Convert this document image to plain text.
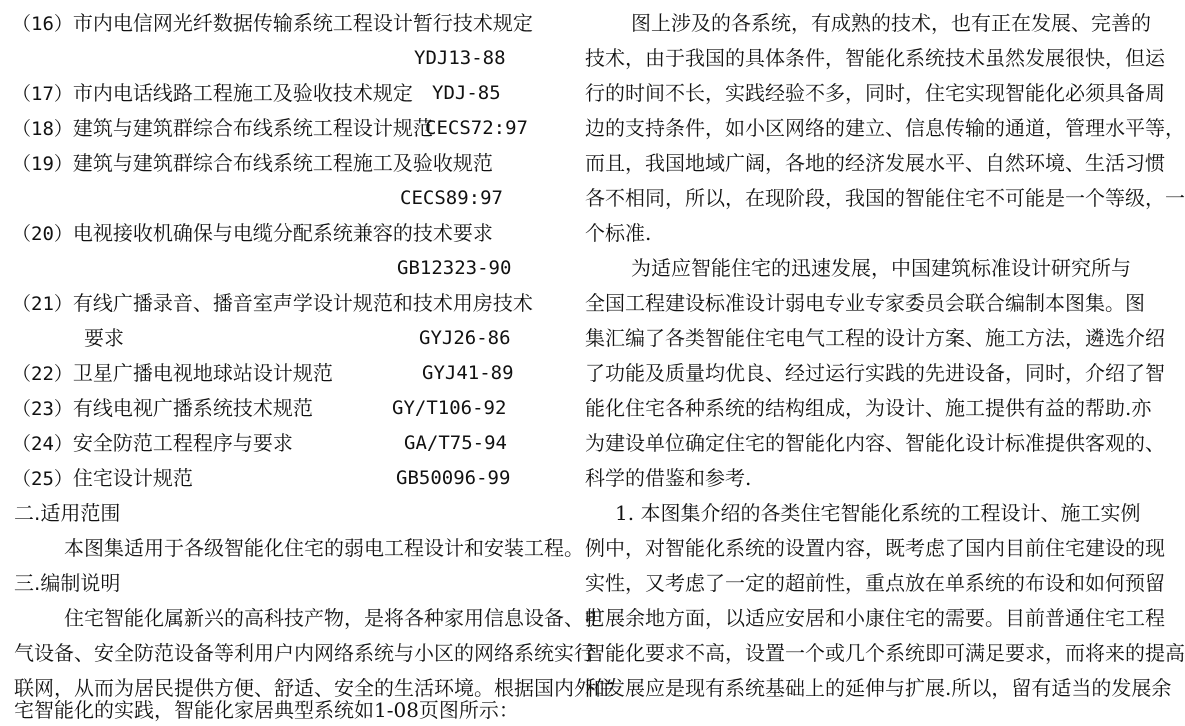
（16）市内电信网光纤数据传输系统工程设计暂行技术规定
YDJ13-88
（17）市内电话线路工程施工及验收技术规定 YDJ-85
（18）建筑与建筑群综合布线系统工程设计规范
CECS72:97
（19）建筑与建筑群综合布线系统工程施工及验收规范
CECS89:97
（20）电视接收机确保与电缆分配系统兼容的技术要求
GB12323-90
（21）有线广播录音、播音室声学设计规范和技术用房技术
要求	GYJ26-86
（22）卫星广播电视地球站设计规范	GYJ41-89
（23）有线电视广播系统技术规范	GY/T106-92
（24）安全防范工程程序与要求	GA/T75-94
（25）住宅设计规范	GB50096-99
二.适用范围
本图集适用于各级智能化住宅的弱电工程设计和安装工程。
三.编制说明
住宅智能化属新兴的高科技产物，是将各种家用信息设备、电
气设备、安全防范设备等利用户内网络系统与小区的网络系统实行
联网，从而为居民提供方便、舒适、安全的生活环境。根据国内外住
宅智能化的实践，智能化家居典型系统如1-08页图所示：
图上涉及的各系统，有成熟的技术，也有正在发展、完善的
技术，由于我国的具体条件，智能化系统技术虽然发展很快，但运
行的时间不长，实践经验不多，同时，住宅实现智能化必须具备周
边的支持条件，如小区网络的建立、信息传输的通道，管理水平等，
而且，我国地域广阔，各地的经济发展水平、自然环境、生活习惯
各不相同，所以，在现阶段，我国的智能住宅不可能是一个等级，一
个标准.
为适应智能住宅的迅速发展，中国建筑标准设计研究所与
全国工程建设标准设计弱电专业专家委员会联合编制本图集。图
集汇编了各类智能住宅电气工程的设计方案、施工方法，遴选介绍
了功能及质量均优良、经过运行实践的先进设备，同时，介绍了智
能化住宅各种系统的结构组成，为设计、施工提供有益的帮助.亦
为建设单位确定住宅的智能化内容、智能化设计标准提供客观的、
科学的借鉴和参考.
1. 本图集介绍的各类住宅智能化系统的工程设计、施工实例
例中，对智能化系统的设置内容，既考虑了国内目前住宅建设的现
实性，又考虑了一定的超前性，重点放在单系统的布设和如何预留
扩展余地方面，以适应安居和小康住宅的需要。目前普通住宅工程
智能化要求不高，设置一个或几个系统即可满足要求，而将来的提高
和发展应是现有系统基础上的延伸与扩展.所以，留有适当的发展余
